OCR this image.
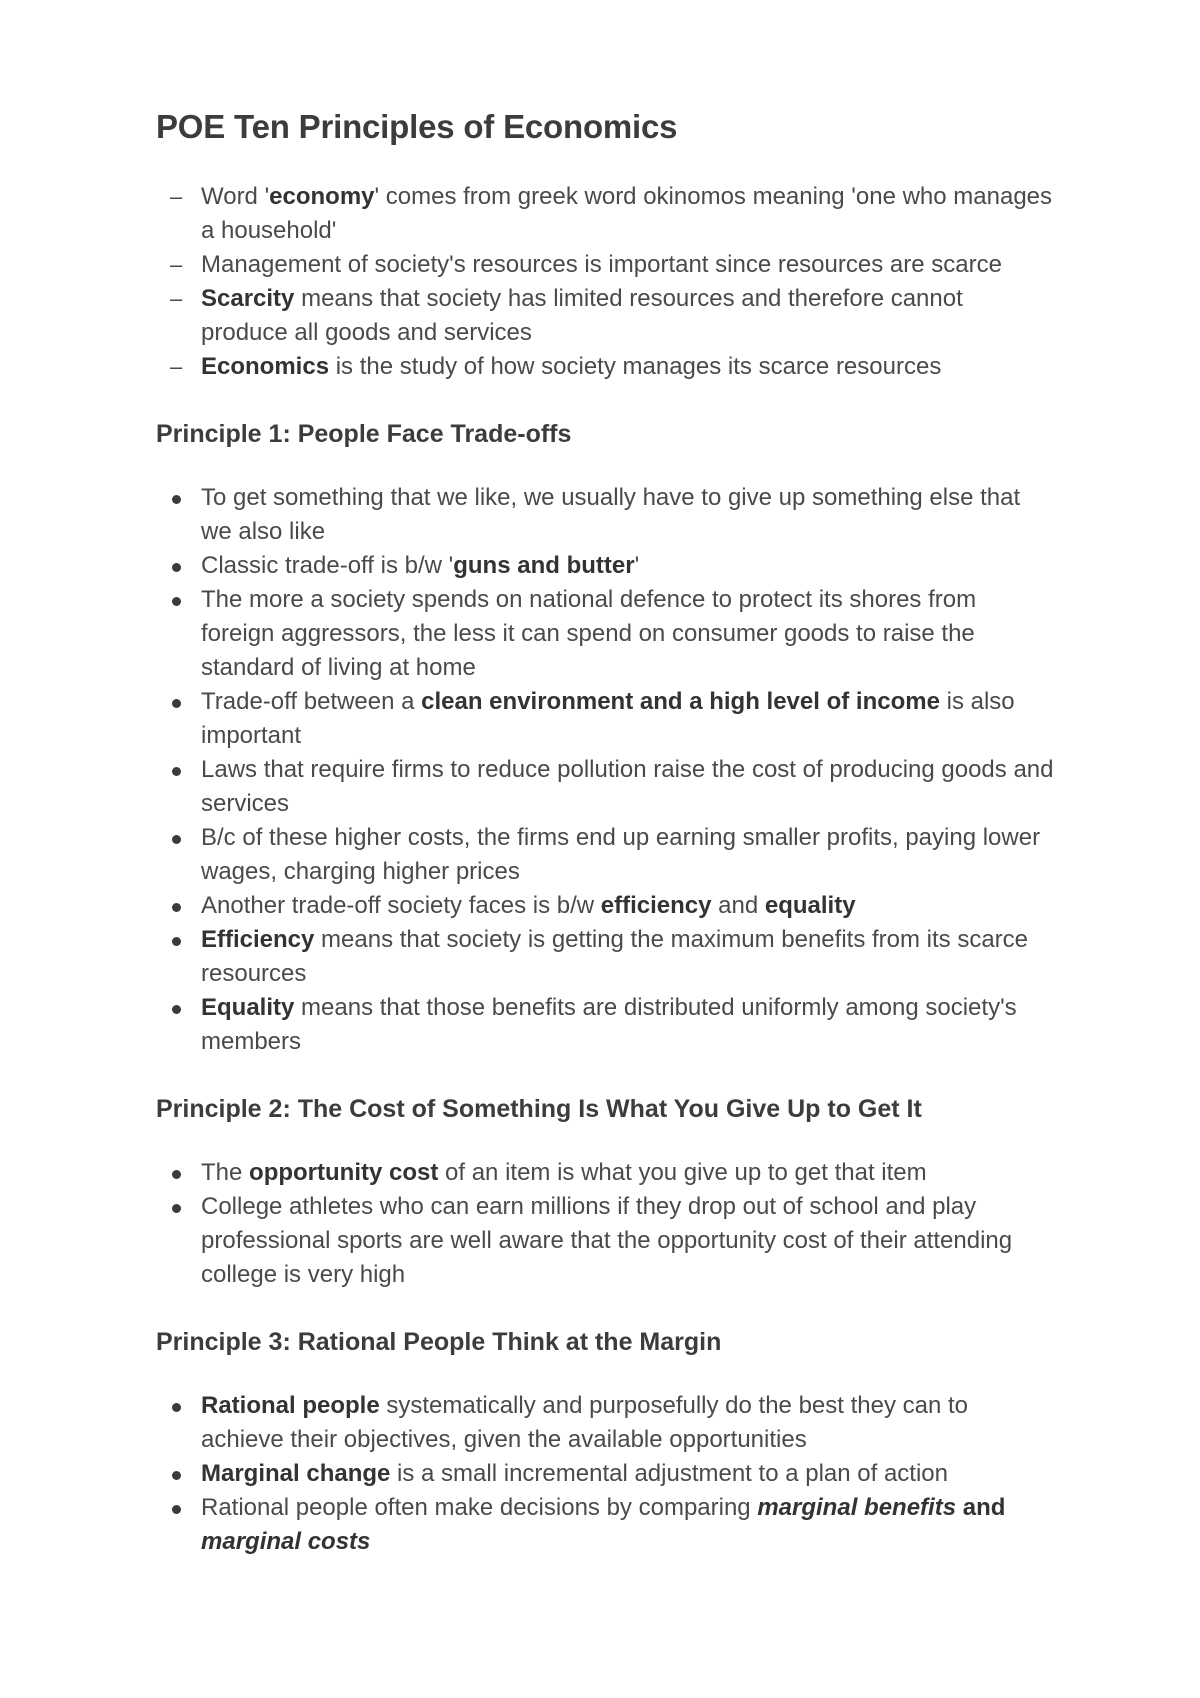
POE Ten Principles of Economics
– Word 'economy' comes from greek word okinomos meaning 'one who manages a household'
– Management of society's resources is important since resources are scarce
– Scarcity means that society has limited resources and therefore cannot produce all goods and services
– Economics is the study of how society manages its scarce resources
Principle 1: People Face Trade-offs
To get something that we like, we usually have to give up something else that we also like
Classic trade-off is b/w 'guns and butter'
The more a society spends on national defence to protect its shores from foreign aggressors, the less it can spend on consumer goods to raise the standard of living at home
Trade-off between a clean environment and a high level of income is also important
Laws that require firms to reduce pollution raise the cost of producing goods and services
B/c of these higher costs, the firms end up earning smaller profits, paying lower wages, charging higher prices
Another trade-off society faces is b/w efficiency and equality
Efficiency means that society is getting the maximum benefits from its scarce resources
Equality means that those benefits are distributed uniformly among society's members
Principle 2: The Cost of Something Is What You Give Up to Get It
The opportunity cost of an item is what you give up to get that item
College athletes who can earn millions if they drop out of school and play professional sports are well aware that the opportunity cost of their attending college is very high
Principle 3: Rational People Think at the Margin
Rational people systematically and purposefully do the best they can to achieve their objectives, given the available opportunities
Marginal change is a small incremental adjustment to a plan of action
Rational people often make decisions by comparing marginal benefits and marginal costs
